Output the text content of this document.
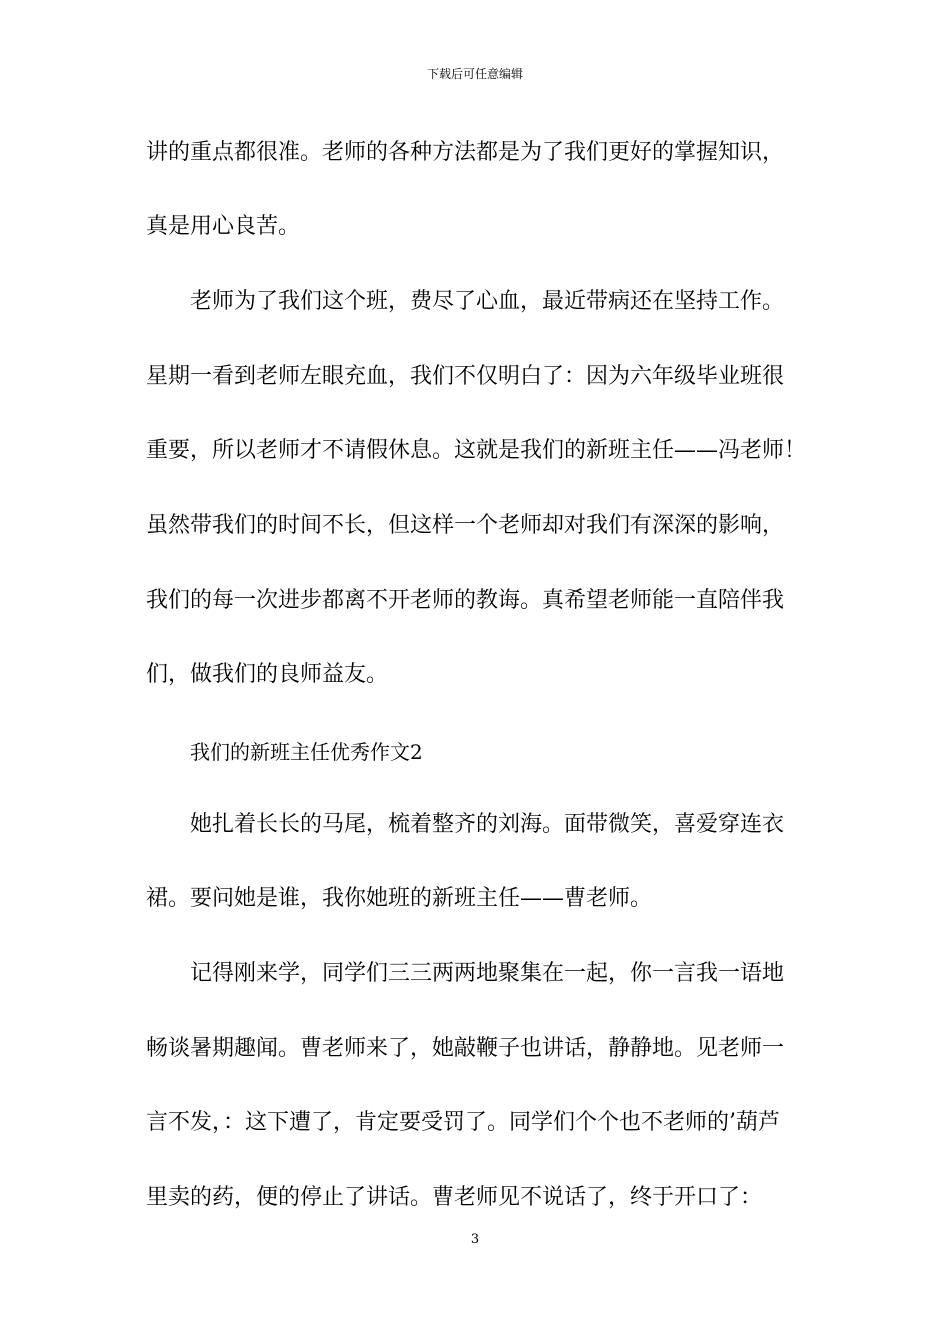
下载后可任意编辑
讲的重点都很准。老师的各种方法都是为了我们更好的掌握知识，
真是用心良苦。
老师为了我们这个班，费尽了心血，最近带病还在坚持工作。
星期一看到老师左眼充血，我们不仅明白了：因为六年级毕业班很
重要，所以老师才不请假休息。这就是我们的新班主任——冯老师！
虽然带我们的时间不长，但这样一个老师却对我们有深深的影响，
我们的每一次进步都离不开老师的教诲。真希望老师能一直陪伴我
们，做我们的良师益友。
我们的新班主任优秀作文2
她扎着长长的马尾，梳着整齐的刘海。面带微笑，喜爱穿连衣
裙。要问她是谁，我你她班的新班主任——曹老师。
记得刚来学，同学们三三两两地聚集在一起，你一言我一语地
畅谈暑期趣闻。曹老师来了，她敲鞭子也讲话，静静地。见老师一
言不发，：这下遭了，肯定要受罚了。同学们个个也不老师的’葫芦
里卖的药，便的停止了讲话。曹老师见不说话了，终于开口了：
3
